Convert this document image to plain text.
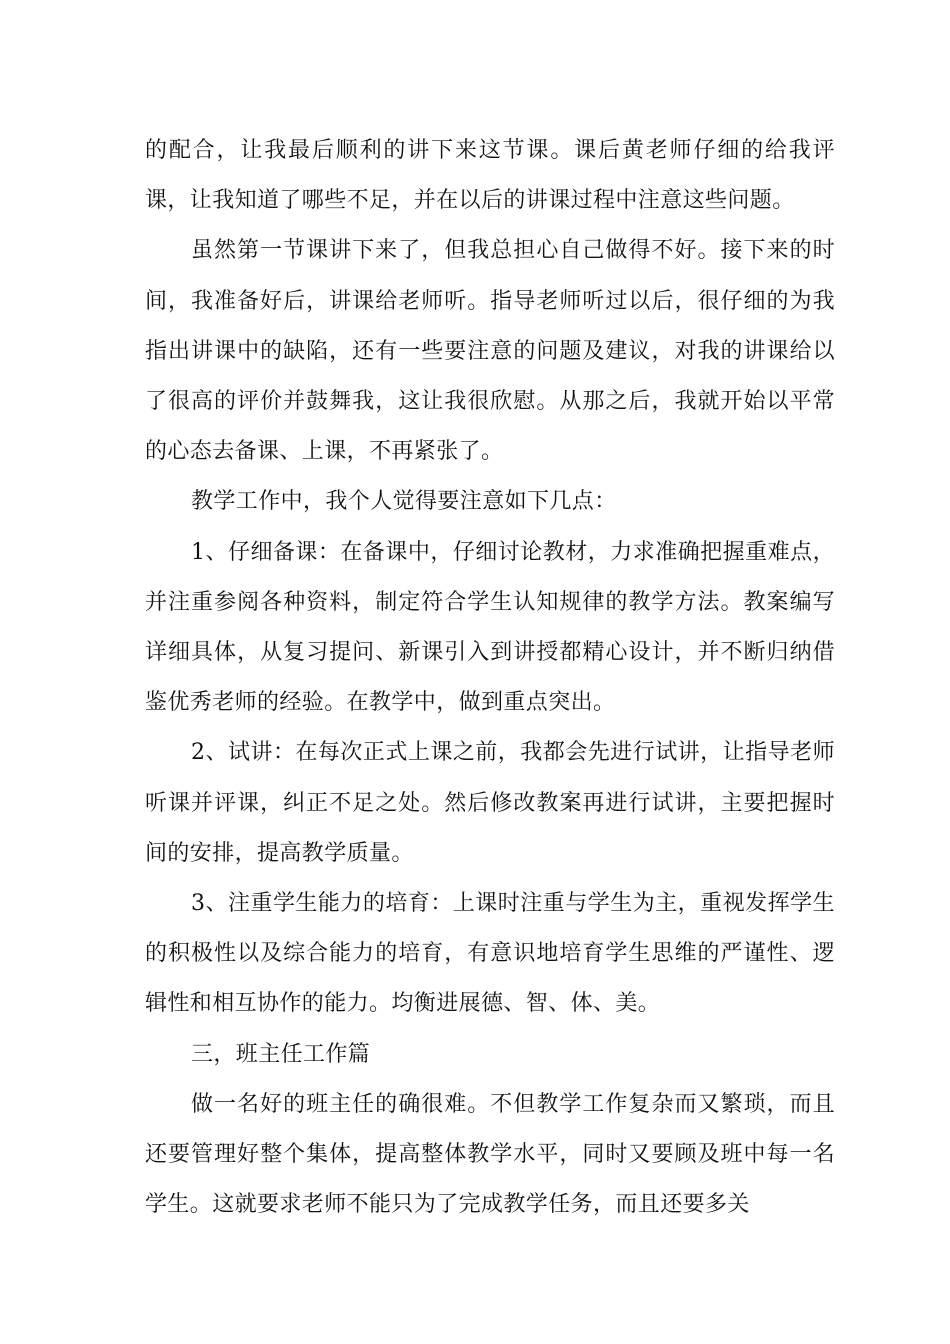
的配合，让我最后顺利的讲下来这节课。课后黄老师仔细的给我评课，让我知道了哪些不足，并在以后的讲课过程中注意这些问题。

虽然第一节课讲下来了，但我总担心自己做得不好。接下来的时间，我准备好后，讲课给老师听。指导老师听过以后，很仔细的为我指出讲课中的缺陷，还有一些要注意的问题及建议，对我的讲课给以了很高的评价并鼓舞我，这让我很欣慰。从那之后，我就开始以平常的心态去备课、上课，不再紧张了。

教学工作中，我个人觉得要注意如下几点：

1、仔细备课：在备课中，仔细讨论教材，力求准确把握重难点，并注重参阅各种资料，制定符合学生认知规律的教学方法。教案编写详细具体，从复习提问、新课引入到讲授都精心设计，并不断归纳借鉴优秀老师的经验。在教学中，做到重点突出。

2、试讲：在每次正式上课之前，我都会先进行试讲，让指导老师听课并评课，纠正不足之处。然后修改教案再进行试讲，主要把握时间的安排，提高教学质量。

3、注重学生能力的培育：上课时注重与学生为主，重视发挥学生的积极性以及综合能力的培育，有意识地培育学生思维的严谨性、逻辑性和相互协作的能力。均衡进展德、智、体、美。

三，班主任工作篇

做一名好的班主任的确很难。不但教学工作复杂而又繁琐，而且还要管理好整个集体，提高整体教学水平，同时又要顾及班中每一名学生。这就要求老师不能只为了完成教学任务，而且还要多关
